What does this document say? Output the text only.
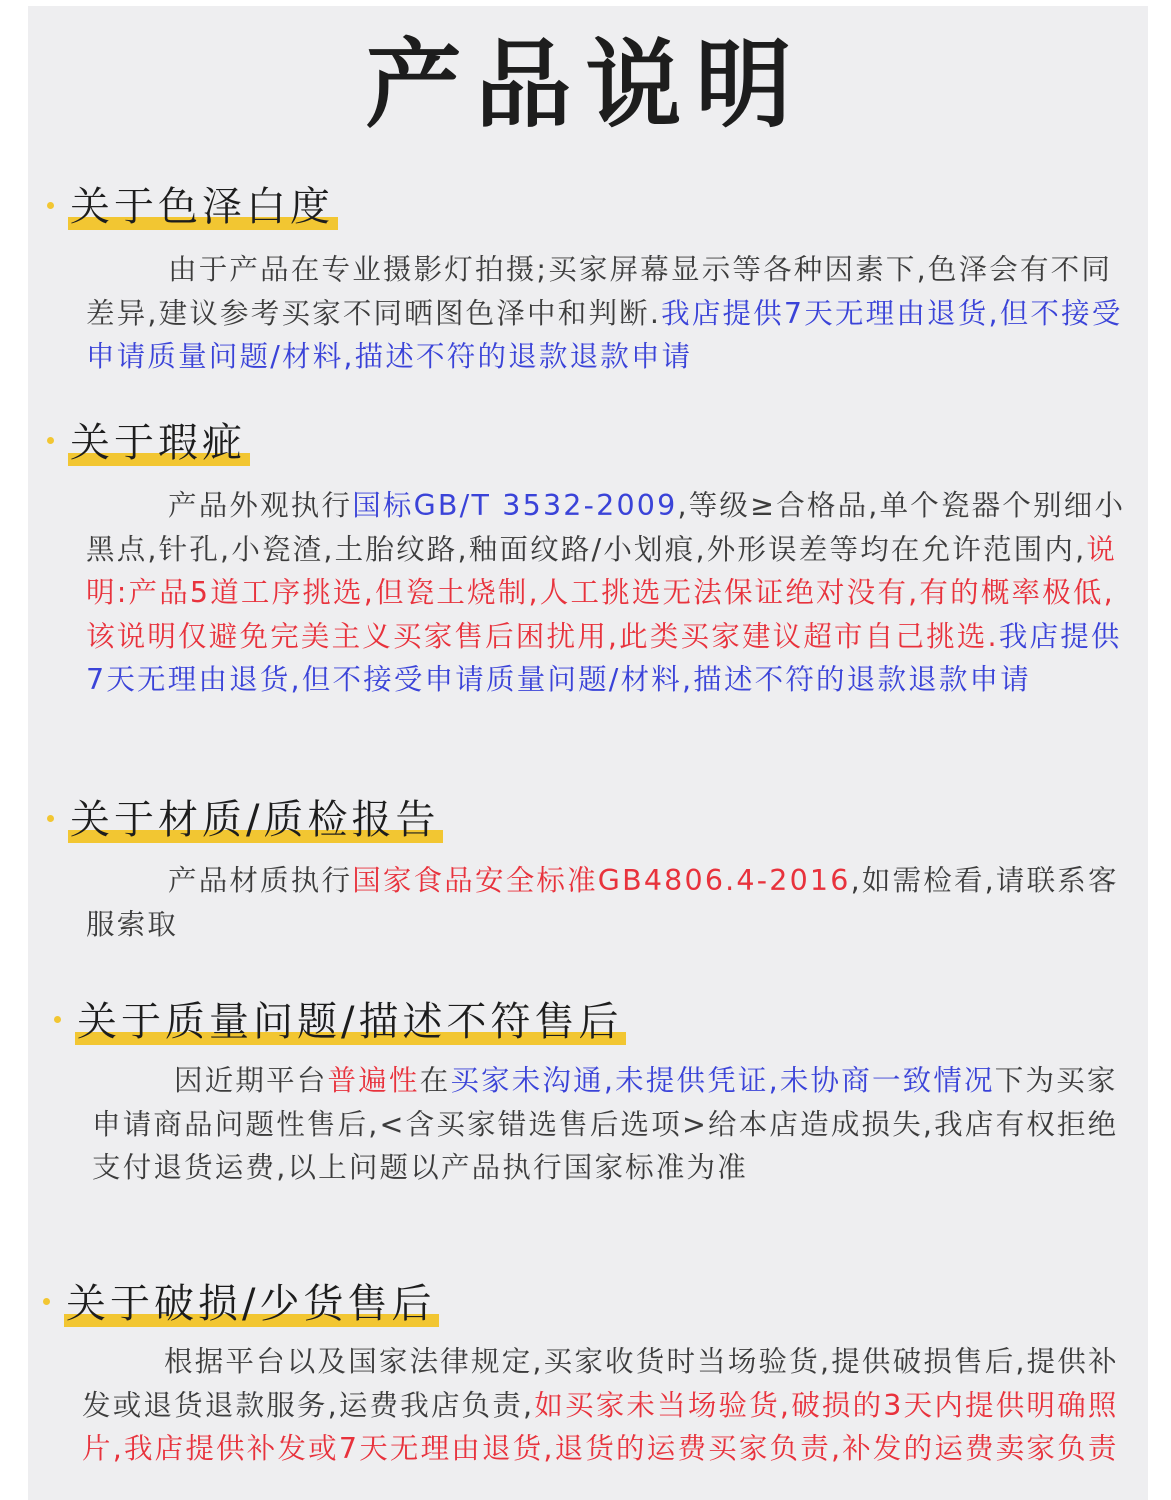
产品说明
关于色泽白度
由于产品在专业摄影灯拍摄;买家屏幕显示等各种因素下,色泽会有不同差异,建议参考买家不同晒图色泽中和判断.我店提供7天无理由退货,但不接受申请质量问题/材料,描述不符的退款退款申请
关于瑕疵
产品外观执行国标GB/T 3532-2009,等级≥合格品,单个瓷器个别细小黑点,针孔,小瓷渣,土胎纹路,釉面纹路/小划痕,外形误差等均在允许范围内,说明:产品5道工序挑选,但瓷土烧制,人工挑选无法保证绝对没有,有的概率极低,该说明仅避免完美主义买家售后困扰用,此类买家建议超市自己挑选.我店提供7天无理由退货,但不接受申请质量问题/材料,描述不符的退款退款申请
关于材质/质检报告
产品材质执行国家食品安全标准GB4806.4-2016,如需检看,请联系客服索取
关于质量问题/描述不符售后
因近期平台普遍性在买家未沟通,未提供凭证,未协商一致情况下为买家申请商品问题性售后,<含买家错选售后选项>给本店造成损失,我店有权拒绝支付退货运费,以上问题以产品执行国家标准为准
关于破损/少货售后
根据平台以及国家法律规定,买家收货时当场验货,提供破损售后,提供补发或退货退款服务,运费我店负责,如买家未当场验货,破损的3天内提供明确照片,我店提供补发或7天无理由退货,退货的运费买家负责,补发的运费卖家负责
